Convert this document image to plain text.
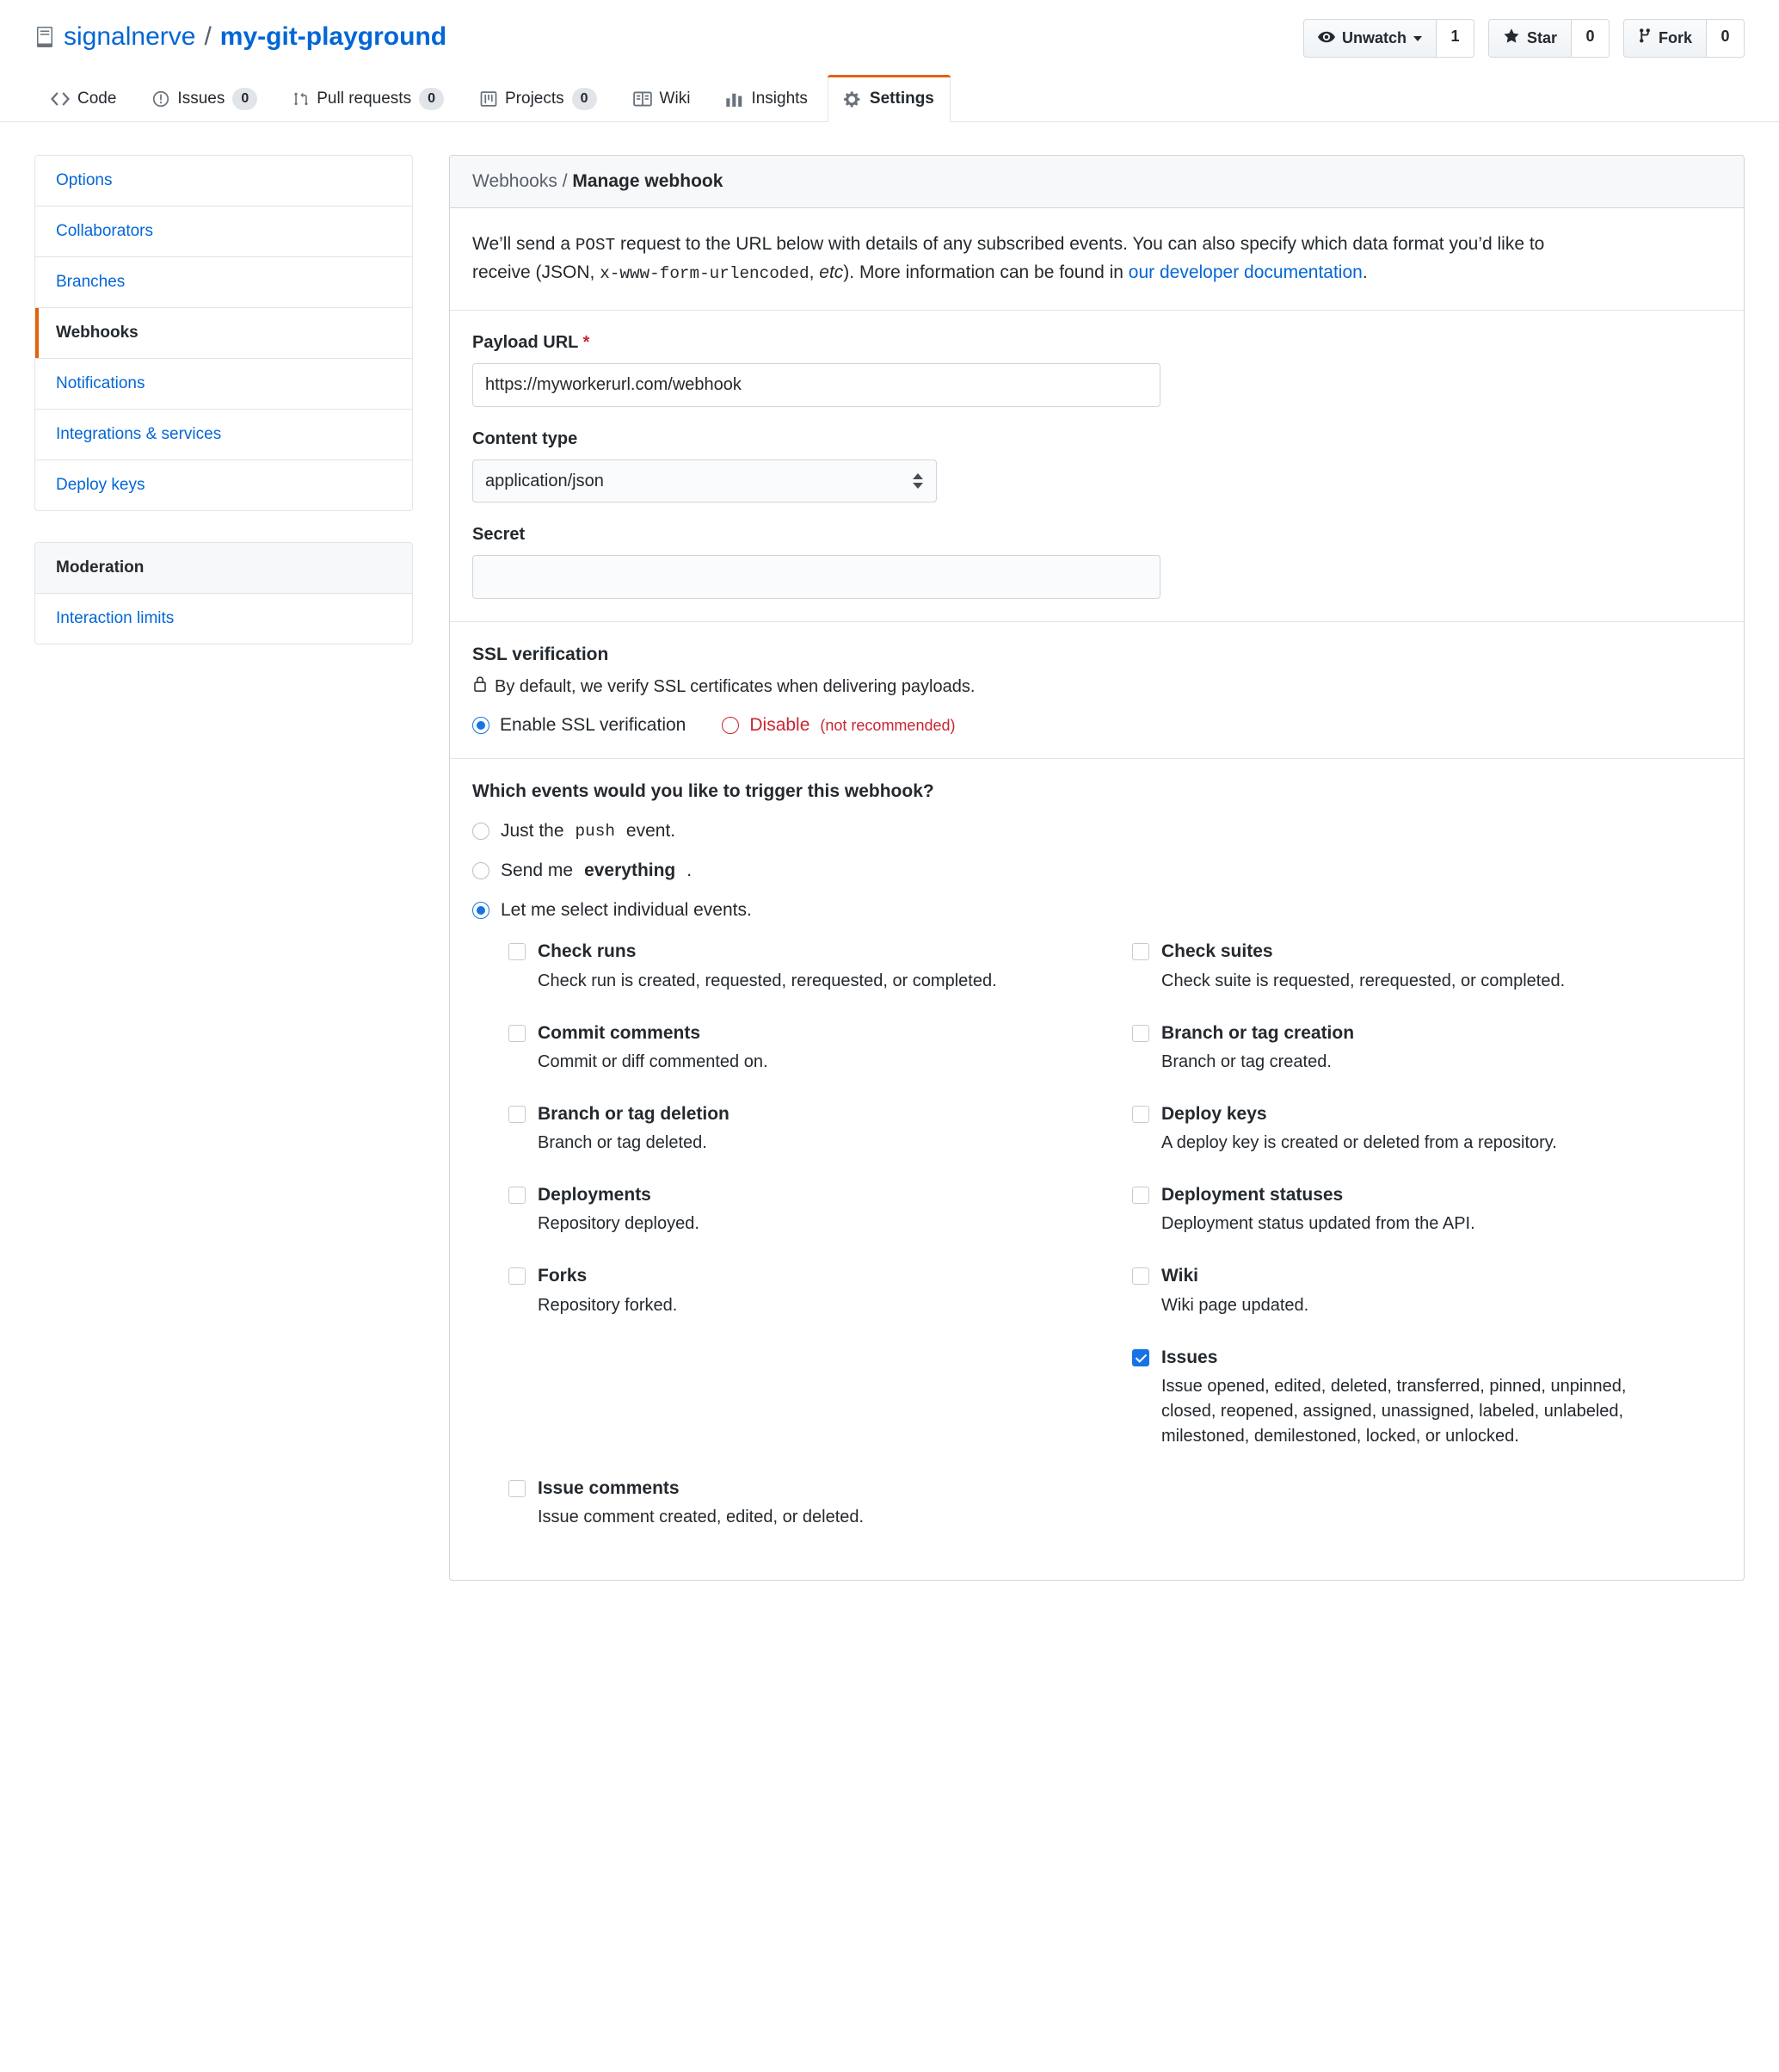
signalnerve / my-git-playground	Unwatch	1	Star	0	Fork	0
Code	Issues	0	Pull requests	0	Projects	0	Wiki	Insights	Settings
Options
Collaborators
Branches
Webhooks
Notifications
Integrations & services
Deploy keys
Moderation
Interaction limits
Webhooks / Manage webhook
We’ll send a POST request to the URL below with details of any subscribed events. You can also specify which data format you’d like to receive (JSON, x-www-form-urlencoded, etc). More information can be found in our developer documentation.
Payload URL *
https://myworkerurl.com/webhook
Content type
application/json
Secret
SSL verification
By default, we verify SSL certificates when delivering payloads.
Enable SSL verification	Disable (not recommended)
Which events would you like to trigger this webhook?
Just the push event.
Send me everything .
Let me select individual events.
Check runs
Check run is created, requested, rerequested, or completed.
Check suites
Check suite is requested, rerequested, or completed.
Commit comments
Commit or diff commented on.
Branch or tag creation
Branch or tag created.
Branch or tag deletion
Branch or tag deleted.
Deploy keys
A deploy key is created or deleted from a repository.
Deployments
Repository deployed.
Deployment statuses
Deployment status updated from the API.
Forks
Repository forked.
Wiki
Wiki page updated.
Issues
Issue opened, edited, deleted, transferred, pinned, unpinned, closed, reopened, assigned, unassigned, labeled, unlabeled, milestoned, demilestoned, locked, or unlocked.
Issue comments
Issue comment created, edited, or deleted.
